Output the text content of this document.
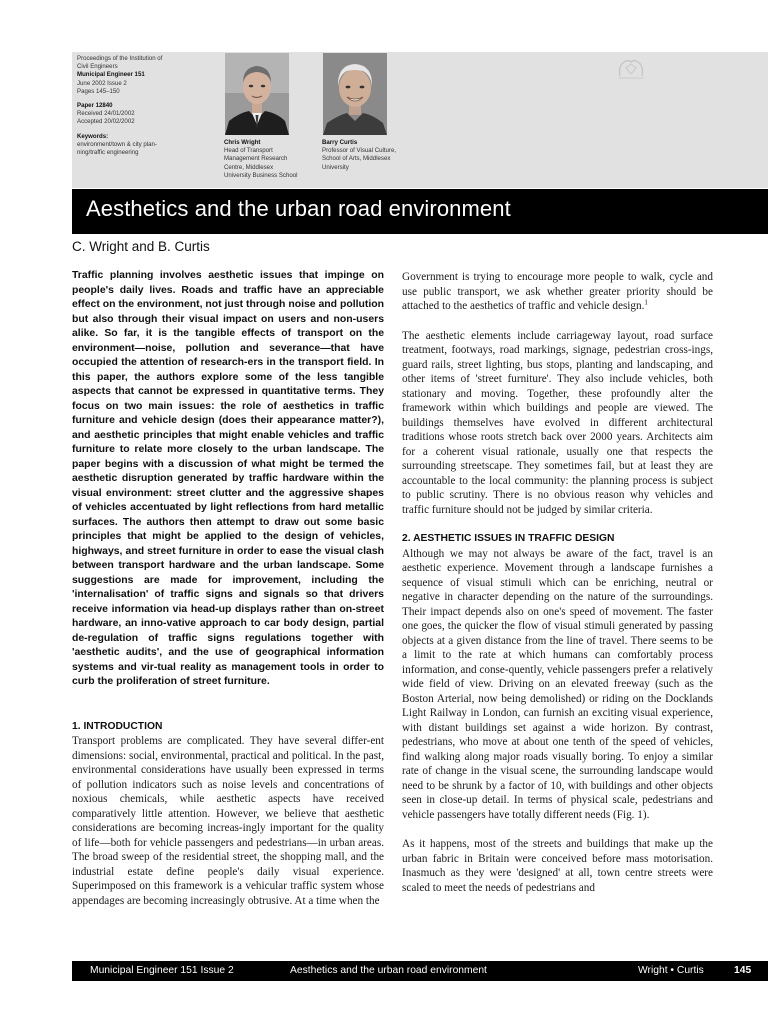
Proceedings of the Institution of
Civil Engineers
Municipal Engineer 151
June 2002 Issue 2
Pages 145–150
Paper 12840
Received 24/01/2002
Accepted 20/02/2002
Keywords:
environment/town & city plan-
ning/traffic engineering
Chris Wright
Head of Transport
Management Research
Centre, Middlesex
University Business School
Barry Curtis
Professor of Visual Culture,
School of Arts, Middlesex
University
Aesthetics and the urban road environment
C. Wright and B. Curtis

Traffic planning involves aesthetic issues that impinge on people's daily lives. Roads and traffic have an appreciable effect on the environment, not just through noise and pollution but also through their visual impact on users and non-users alike. So far, it is the tangible effects of transport on the environment—noise, pollution and severance—that have occupied the attention of research-ers in the transport field. In this paper, the authors explore some of the less tangible aspects that cannot be expressed in quantitative terms. They focus on two main issues: the role of aesthetics in traffic furniture and vehicle design (does their appearance matter?), and aesthetic principles that might enable vehicles and traffic furniture to relate more closely to the urban landscape. The paper begins with a discussion of what might be termed the aesthetic disruption generated by traffic hardware within the visual environment: street clutter and the aggressive shapes of vehicles accentuated by light reflections from hard metallic surfaces. The authors then attempt to draw out some basic principles that might be applied to the design of vehicles, highways, and street furniture in order to ease the visual clash between transport hardware and the urban landscape. Some suggestions are made for improvement, including the 'internalisation' of traffic signs and signals so that drivers receive information via head-up displays rather than on-street hardware, an inno-vative approach to car body design, partial de-regulation of traffic signs regulations together with 'aesthetic audits', and the use of geographical information systems and vir-tual reality as management tools in order to curb the proliferation of street furniture.

1. INTRODUCTION

Transport problems are complicated. They have several differ-ent dimensions: social, environmental, practical and political. In the past, environmental considerations have usually been expressed in terms of pollution indicators such as noise levels and concentrations of noxious chemicals, while aesthetic aspects have received comparatively little attention. However, we believe that aesthetic considerations are becoming increas-ingly important for the quality of life—both for vehicle passengers and pedestrians—in urban areas. The broad sweep of the residential street, the shopping mall, and the industrial estate define people's daily visual experience. Superimposed on this framework is a vehicular traffic system whose appendages are becoming increasingly obtrusive. At a time when the

Government is trying to encourage more people to walk, cycle and use public transport, we ask whether greater priority should be attached to the aesthetics of traffic and vehicle design.$^1$

The aesthetic elements include carriageway layout, road surface treatment, footways, road markings, signage, pedestrian cross-ings, guard rails, street lighting, bus stops, planting and landscaping, and other items of 'street furniture'. They also include vehicles, both stationary and moving. Together, these profoundly alter the framework within which buildings and people are viewed. The buildings themselves have evolved in different architectural traditions whose roots stretch back over 2000 years. Architects aim for a coherent visual rationale, usually one that respects the surrounding streetscape. They sometimes fail, but at least they are accountable to the local community: the planning process is subject to public scrutiny. There is no obvious reason why vehicles and traffic furniture should not be judged by similar criteria.

2. AESTHETIC ISSUES IN TRAFFIC DESIGN

Although we may not always be aware of the fact, travel is an aesthetic experience. Movement through a landscape furnishes a sequence of visual stimuli which can be enriching, neutral or negative in character depending on the nature of the surroundings. Their impact depends also on one's speed of movement. The faster one goes, the quicker the flow of visual stimuli generated by passing objects at a given distance from the line of travel. There seems to be a limit to the rate at which humans can comfortably process information, and conse-quently, vehicle passengers prefer a relatively wide field of view. Driving on an elevated freeway (such as the Boston Arterial, now being demolished) or riding on the Docklands Light Railway in London, can furnish an exciting visual experience, with distant buildings set against a wide horizon. By contrast, pedestrians, who move at about one tenth of the speed of vehicles, find walking along major roads visually boring. To enjoy a similar rate of change in the visual scene, the surrounding landscape would need to be shrunk by a factor of 10, with buildings and other objects seen in close-up detail. In terms of physical scale, pedestrians and vehicle passengers have totally different needs (Fig. 1).

As it happens, most of the streets and buildings that make up the urban fabric in Britain were conceived before mass motorisation. Inasmuch as they were 'designed' at all, town centre streets were scaled to meet the needs of pedestrians and

Municipal Engineer 151 Issue 2	Aesthetics and the urban road environment	Wright • Curtis	145
